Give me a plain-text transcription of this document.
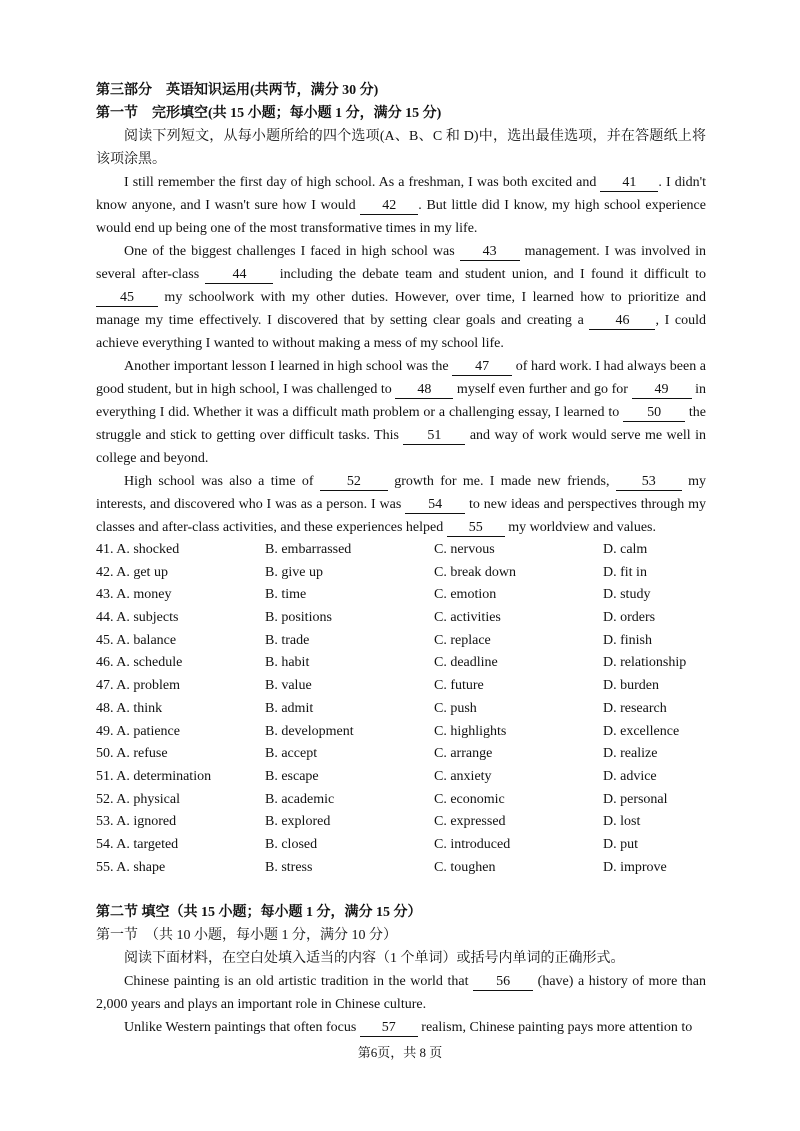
第三部分　英语知识运用(共两节，满分 30 分)
第一节　完形填空(共 15 小题；每小题 1 分，满分 15 分)

阅读下列短文，从每小题所给的四个选项(A、B、C 和 D)中，选出最佳选项，并在答题纸上将该项涂黑。

I still remember the first day of high school. As a freshman, I was both excited and 41 . I didn't know anyone, and I wasn't sure how I would 42 . But little did I know, my high school experience would end up being one of the most transformative times in my life.

One of the biggest challenges I faced in high school was 43 management. I was involved in several after-class 44 including the debate team and student union, and I found it difficult to 45 my schoolwork with my other duties. However, over time, I learned how to prioritize and manage my time effectively. I discovered that by setting clear goals and creating a 46 , I could achieve everything I wanted to without making a mess of my school life.

Another important lesson I learned in high school was the 47 of hard work. I had always been a good student, but in high school, I was challenged to 48 myself even further and go for 49 in everything I did. Whether it was a difficult math problem or a challenging essay, I learned to 50 the struggle and stick to getting over difficult tasks. This 51 and way of work would serve me well in college and beyond.

High school was also a time of 52 growth for me. I made new friends, 53 my interests, and discovered who I was as a person. I was 54 to new ideas and perspectives through my classes and after-class activities, and these experiences helped 55 my worldview and values.

41. A. shocked	B. embarrassed	C. nervous	D. calm
42. A. get up	B. give up	C. break down	D. fit in
43. A. money	B. time	C. emotion	D. study
44. A. subjects	B. positions	C. activities	D. orders
45. A. balance	B. trade	C. replace	D. finish
46. A. schedule	B. habit	C. deadline	D. relationship
47. A. problem	B. value	C. future	D. burden
48. A. think	B. admit	C. push	D. research
49. A. patience	B. development	C. highlights	D. excellence
50. A. refuse	B. accept	C. arrange	D. realize
51. A. determination	B. escape	C. anxiety	D. advice
52. A. physical	B. academic	C. economic	D. personal
53. A. ignored	B. explored	C. expressed	D. lost
54. A. targeted	B. closed	C. introduced	D. put
55. A. shape	B. stress	C. toughen	D. improve
第二节 填空（共 15 小题；每小题 1 分，满分 15 分）
第一节　（共 10 小题，每小题 1 分，满分 10 分）

阅读下面材料，在空白处填入适当的内容（1 个单词）或括号内单词的正确形式。

Chinese painting is an old artistic tradition in the world that 56 (have) a history of more than 2,000 years and plays an important role in Chinese culture.

Unlike Western paintings that often focus 57 realism, Chinese painting pays more attention to

第6页，共 8 页
